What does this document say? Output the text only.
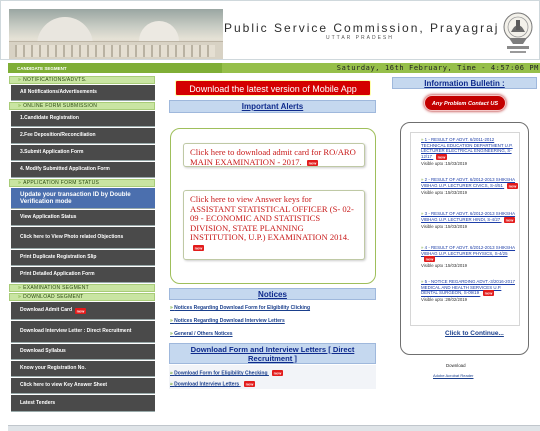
Public Service Commission, Prayagraj
UTTAR PRADESH
CANDIDATE SEGMENT	Saturday, 16th February, Time - 4:57:06 PM
» NOTIFICATIONS/ADVTS.
All Notifications/Advertisements
» ONLINE FORM SUBMISSION
1.Candidate Registration
2.Fee Deposition/Reconciliation
3.Submit Application Form
4. Modify Submitted Application Form
» APPLICATION FORM STATUS
Update your transaction ID by Double Verification mode
View Application Status
Click here to View Photo related Objections
Print Duplicate Registration Slip
Print Detailed Application Form
» EXAMINATION SEGMENT
» DOWNLOAD SEGMENT
Download Admit Card new
Download Interview Letter : Direct Recruitment
Download Syllabus
Know your Registration No.
Click here to view Key Answer Sheet
Latest Tenders
Download the latest version of Mobile App
Important Alerts
Click here to download admit card for RO/ARO MAIN EXAMINATION - 2017. new
Click here to view Answer keys for ASSISTANT STATISTICAL OFFICER (S- 02-09 - ECONOMIC AND STATISTICS DIVISION, STATE PLANNING INSTITUTION, U.P.) EXAMINATION 2014.
new
Notices
» Notices Regarding Download Form for Eligibility Clicking
» Notices Regarding Download Interview Letters
» General / Others Notices
Download Form and Interview Letters [ Direct Recruitment ]
» Download Form for Eligibility Checking new
» Download Interview Letters new
Information Bulletin :
Any Problem Contact US
» 1 - RESULT OF ADVT. 6/2011-2012 TECHNICAL EDUCATION DEPARTMENT U.P. LECTURER ELECTRICAL ENGINEERING, S-12/17 new
Visible upto :15/03/2019
» 2 - RESULT OF ADVT. 6/2012-2013 SHIKSHA VIBHAG U.P. LECTURER CIVICS, S-4/51 new
Visible upto :15/03/2019
» 3 - RESULT OF ADVT. 6/2012-2013 SHIKSHA VIBHAG U.P. LECTURER HINDI, S-4/27 new
Visible upto :15/03/2019
» 4 - RESULT OF ADVT. 6/2012-2013 SHIKSHA VIBHAG U.P. LECTURER PHYSICS, S-4/25
new
Visible upto :15/03/2019
» 5 - NOTICE REGARDING ADVT.-3/2016-2017 MEDICAL AND HEALTH SERVICES U.P. DENTAL SURGEON, S-09/19 new
Visible upto :28/02/2019
Click to Continue...
Download
Adobe Acrobat Reader
